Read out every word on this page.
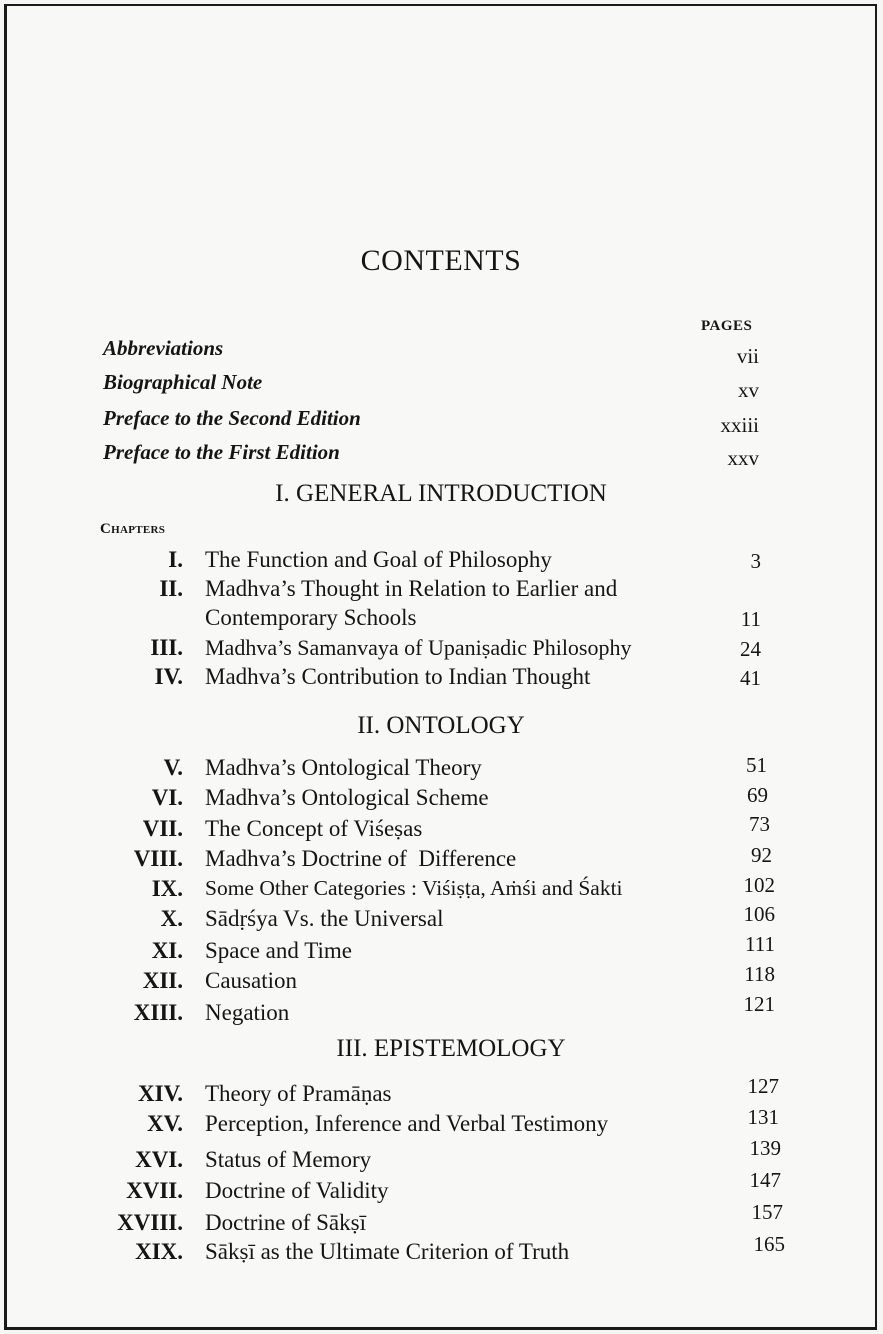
CONTENTS
PAGES
Abbreviations	vii
Biographical Note	xv
Preface to the Second Edition	xxiii
Preface to the First Edition	xxv
I. GENERAL INTRODUCTION
Chapters
I. The Function and Goal of Philosophy	3
II. Madhva’s Thought in Relation to Earlier and
Contemporary Schools	11
III. Madhva’s Samanvaya of Upaniṣadic Philosophy	24
IV. Madhva’s Contribution to Indian Thought	41
II. ONTOLOGY
V. Madhva’s Ontological Theory	51
VI. Madhva’s Ontological Scheme	69
VII. The Concept of Viśeṣas	73
VIII. Madhva’s Doctrine of  Difference	92
IX. Some Other Categories : Viśiṣṭa, Aṁśi and Śakti	102
X. Sādṛśya Vs. the Universal	106
XI. Space and Time	111
XII. Causation	118
XIII. Negation	121
III. EPISTEMOLOGY
XIV. Theory of Pramāṇas	127
XV. Perception, Inference and Verbal Testimony	131
XVI. Status of Memory	139
XVII. Doctrine of Validity	147
XVIII. Doctrine of Sākṣī	157
XIX. Sākṣī as the Ultimate Criterion of Truth	165
